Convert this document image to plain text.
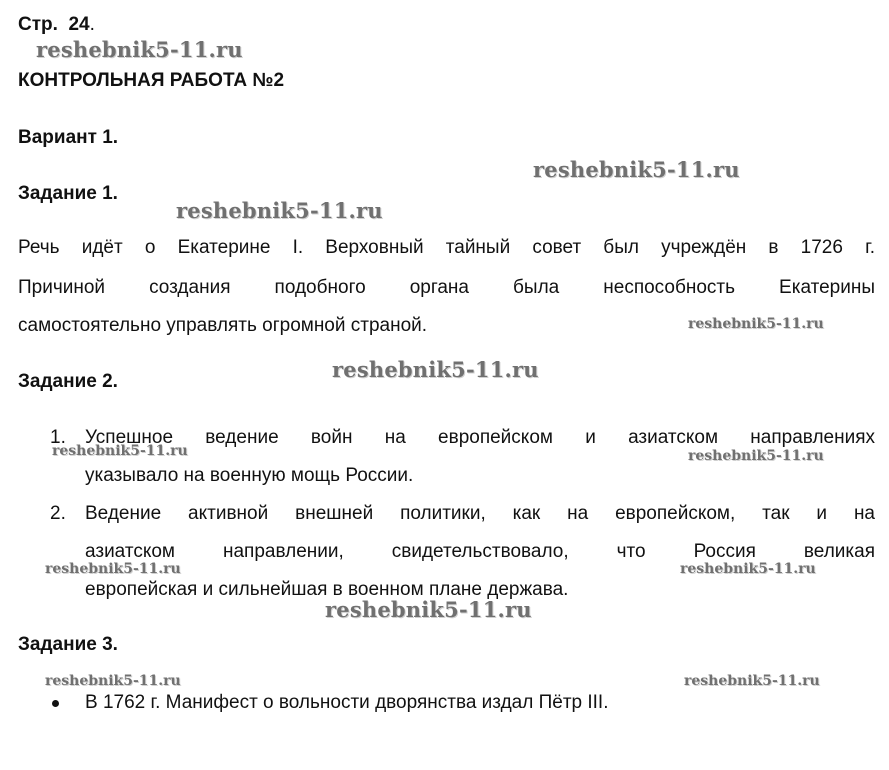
Стр. 24.
КОНТРОЛЬНАЯ РАБОТА №2
Вариант 1.
Задание 1.
Речь идёт о Екатерине I. Верховный тайный совет был учреждён в 1726 г.
Причиной создания подобного органа была неспособность Екатерины
самостоятельно управлять огромной страной.
Задание 2.
1. Успешное ведение войн на европейском и азиатском направлениях
указывало на военную мощь России.
2. Ведение активной внешней политики, как на европейском, так и на
азиатском направлении, свидетельствовало, что Россия великая
европейская и сильнейшая в военном плане держава.
Задание 3.
В 1762 г. Манифест о вольности дворянства издал Пётр III.
reshebnik5-11.ru
reshebnik5-11.ru
reshebnik5-11.ru
reshebnik5-11.ru
reshebnik5-11.ru
reshebnik5-11.ru	reshebnik5-11.ru
reshebnik5-11.ru	reshebnik5-11.ru
reshebnik5-11.ru
reshebnik5-11.ru	reshebnik5-11.ru
